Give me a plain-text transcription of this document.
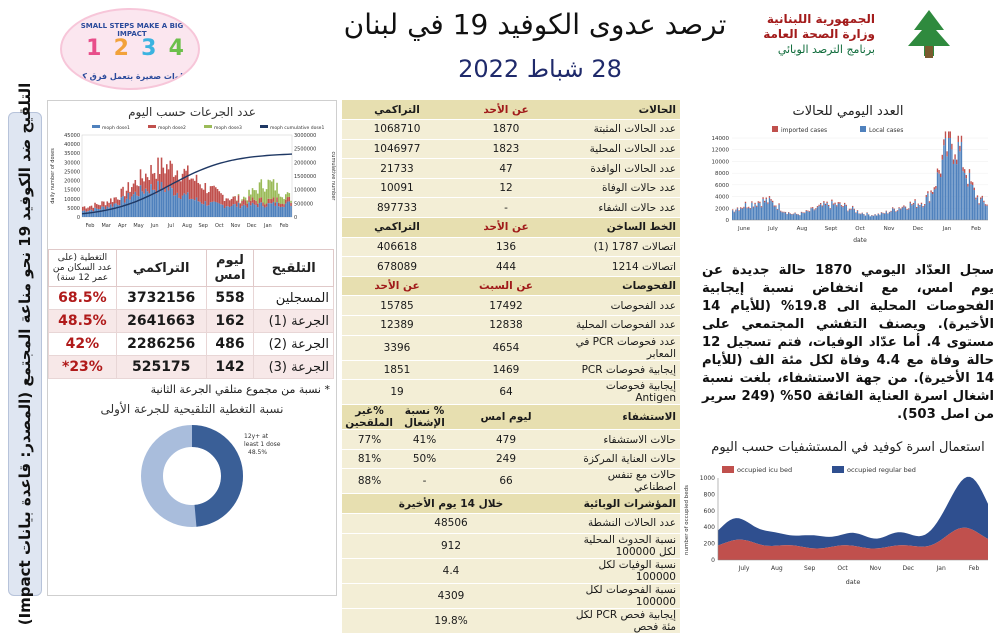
SMALL STEPS MAKE A BIG IMPACT
1 2 3 4
خطوات صغيرة بتعمل فرق كبير
ترصد عدوى الكوفيد 19 في لبنان
28 شباط 2022
الجمهورية اللبنانية
وزارة الصحة العامة
برنامج الترصد الوبائي
التلقيح ضد الكوفيد 19 نحو مناعة المجتمع (المصدر: قاعدة بيانات Impact)	عدد الجرعات حسب اليوم
moph dose1	moph dose2	moph dose3	moph cumulative dose1
45000
40000
35000
30000
25000
20000
15000
10000
5000
0
3000000
2500000
2000000
1500000
1000000
500000
0
Feb Mar Apr May Jun Jul Aug Sep Oct Nov Dec Jan Feb
daily number of doses	cumulative number
التلقيح	ليوم امس	التراكمي	التغطية (على عدد السكان من عمر 12 سنة)
المسجلين	558	3732156	68.5%
الجرعة (1)	162	2641663	48.5%
الجرعة (2)	486	2286256	42%
الجرعة (3)	142	525175	23%*
* نسبة من مجموع متلقي الجرعة الثانية
نسبة التغطية التلقيحية للجرعة الأولى
12y+ at
least 1 dose
48.5%
الحالات	عن الأحد	التراكمي	
عدد الحالات المثبتة	1870	1068710	
عدد الحالات المحلية	1823	1046977	
عدد الحالات الوافدة	47	21733	
عدد حالات الوفاة	12	10091	
عدد حالات الشفاء	-	897733	
الخط الساخن	عن الأحد	التراكمي	
اتصالات 1787 (1)	136	406618	
اتصالات 1214	444	678089	
الفحوصات	عن السبت	عن الأحد	
عدد الفحوصات	17492	15785	
عدد الفحوصات المحلية	12838	12389	
عدد فحوصات PCR في المعابر	4654	3396	
إيجابية فحوصات PCR	1469	1851	
إيجابية فحوصات Antigen	64	19	
الاستشفاء	ليوم امس	% نسبة الإشغال	%غير الملقحين
حالات الاستشفاء	479	41%	77%
حالات العناية المركزة	249	50%	81%
حالات مع تنفس اصطناعي	66	-	88%
المؤشرات الوبائية	خلال 14 يوم الأخيرة		
عدد الحالات النشطة	48506		
نسبة الحدوث المحلية لكل 100000	912		
نسبة الوفيات لكل 100000	4.4		
نسبة الفحوصات لكل 100000	4309		
إيجابية فحص PCR لكل مئة فحص	19.8%		
العدد اليومي للحالات
imported cases	Local cases
14000
12000
10000
8000
6000
4000
2000
0
June	July	Aug	Sept	Oct	Nov	Dec	Jan	Feb
date
سجل العدّاد اليومي 1870 حالة جديدة عن يوم امس، مع انخفاض نسبة إيجابية الفحوصات المحلية الى 19.8% (للأيام 14 الأخيرة). ويصنف التفشي المجتمعي على مستوى 4. أما عدّاد الوفيات، فتم تسجيل 12 حالة وفاة مع 4.4 وفاة لكل مئة الف (للأيام 14 الأخيرة). من جهة الاستشفاء، بلغت نسبة اشغال اسرة العناية الفائقة 50% (249 سرير من اصل 503).
استعمال اسرة كوفيد في المستشفيات حسب اليوم
occupied icu bed	occupied regular bed
1000
800
600
400
200
0
number of occupied beds
July	Aug	Sep	Oct	Nov	Dec	Jan	Feb
date
